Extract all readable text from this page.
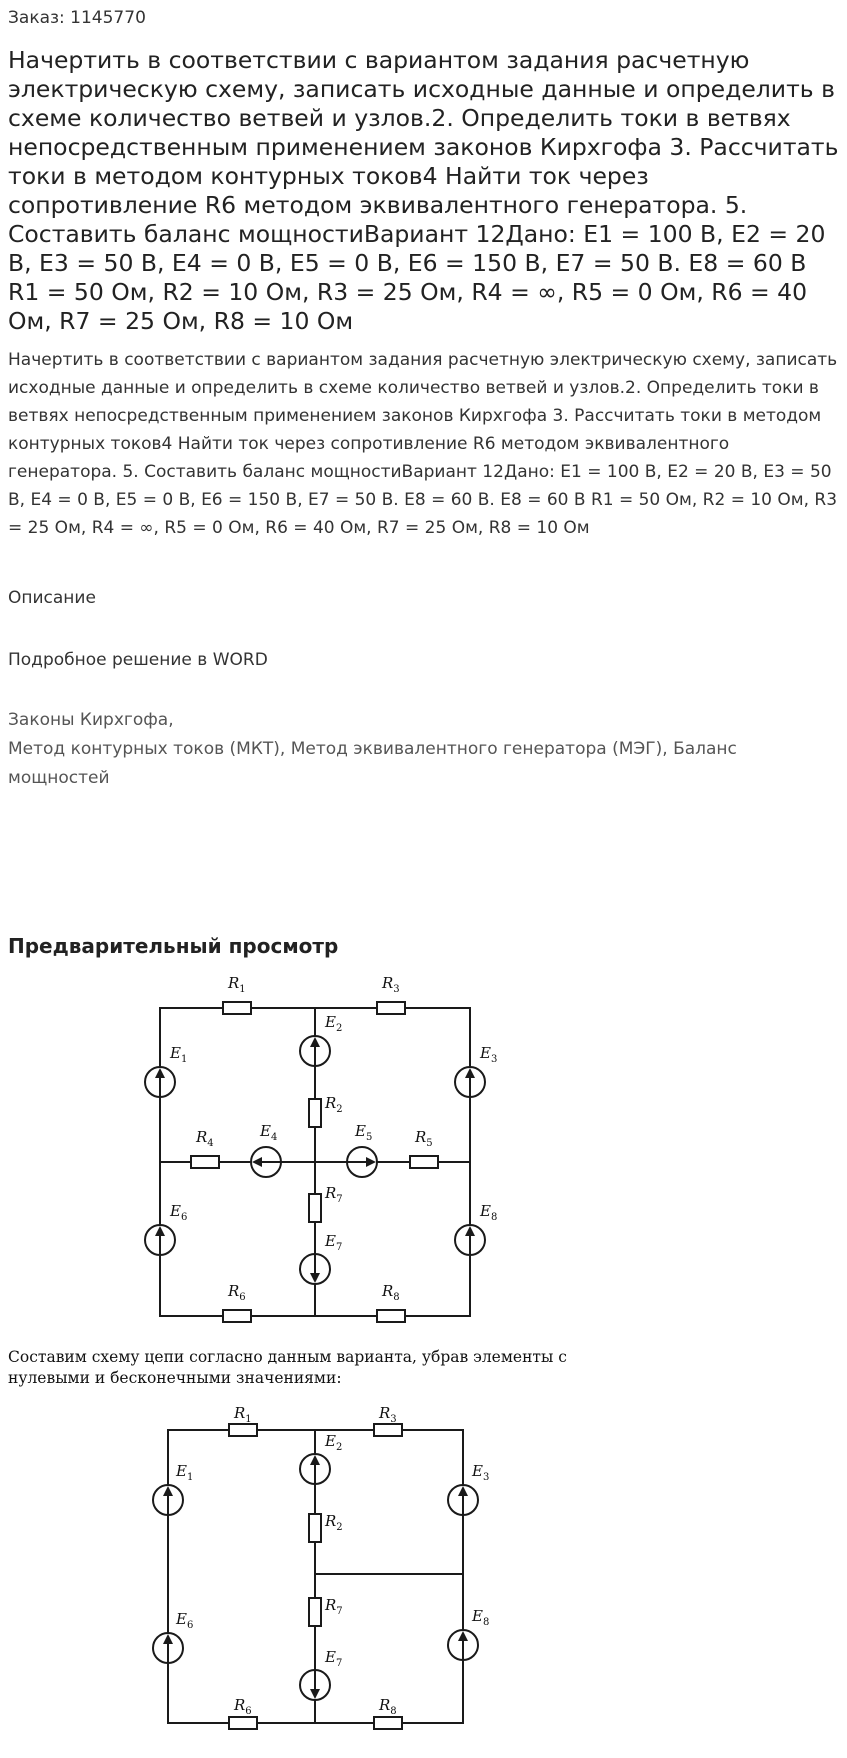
Заказ: 1145770
Начертить в соответствии с вариантом задания расчетную электрическую схему, записать исходные данные и определить в схеме количество ветвей и узлов.2. Определить токи в ветвях непосредственным применением законов Кирхгофа 3. Рассчитать токи в методом контурных токов4 Найти ток через сопротивление R6 методом эквивалентного генератора. 5. Составить баланс мощностиВариант 12Дано: E1 = 100 В, E2 = 20 В, E3 = 50 В, E4 = 0 В, E5 = 0 В, E6 = 150 В, E7 = 50 В. E8 = 60 В R1 = 50 Ом, R2 = 10 Ом, R3 = 25 Ом, R4 = ∞, R5 = 0 Ом, R6 = 40 Ом, R7 = 25 Ом, R8 = 10 Ом

Начертить в соответствии с вариантом задания расчетную электрическую схему, записать исходные данные и определить в схеме количество ветвей и узлов.2. Определить токи в ветвях непосредственным применением законов Кирхгофа 3. Рассчитать токи в методом контурных токов4 Найти ток через сопротивление R6 методом эквивалентного генератора. 5. Составить баланс мощностиВариант 12Дано: E1 = 100 В, E2 = 20 В, E3 = 50 В, E4 = 0 В, E5 = 0 В, E6 = 150 В, E7 = 50 В. E8 = 60 В. E8 = 60 В R1 = 50 Ом, R2 = 10 Ом, R3 = 25 Ом, R4 = ∞, R5 = 0 Ом, R6 = 40 Ом, R7 = 25 Ом, R8 = 10 Ом

Описание
Подробное решение в WORD
Законы Кирхгофа,
Метод контурных токов (МКТ), Метод эквивалентного генератора (МЭГ), Баланс мощностей
Предварительный просмотр
$R_1$	$R_3$
$R_2$
$R_4$	$R_5$
$R_7$
$R_6$	$R_8$
$E_1$
$E_2$
$E_3$
$E_4$	$E_5$
$E_6$
$E_7$
$E_8$

Составим схему цепи согласно данным варианта, убрав элементы с нулевыми и бесконечными значениями:

$R_1$	$R_3$
$R_2$
$R_7$
$R_6$	$R_8$
$E_1$
$E_2$
$E_3$
$E_6$
$E_7$
$E_8$
